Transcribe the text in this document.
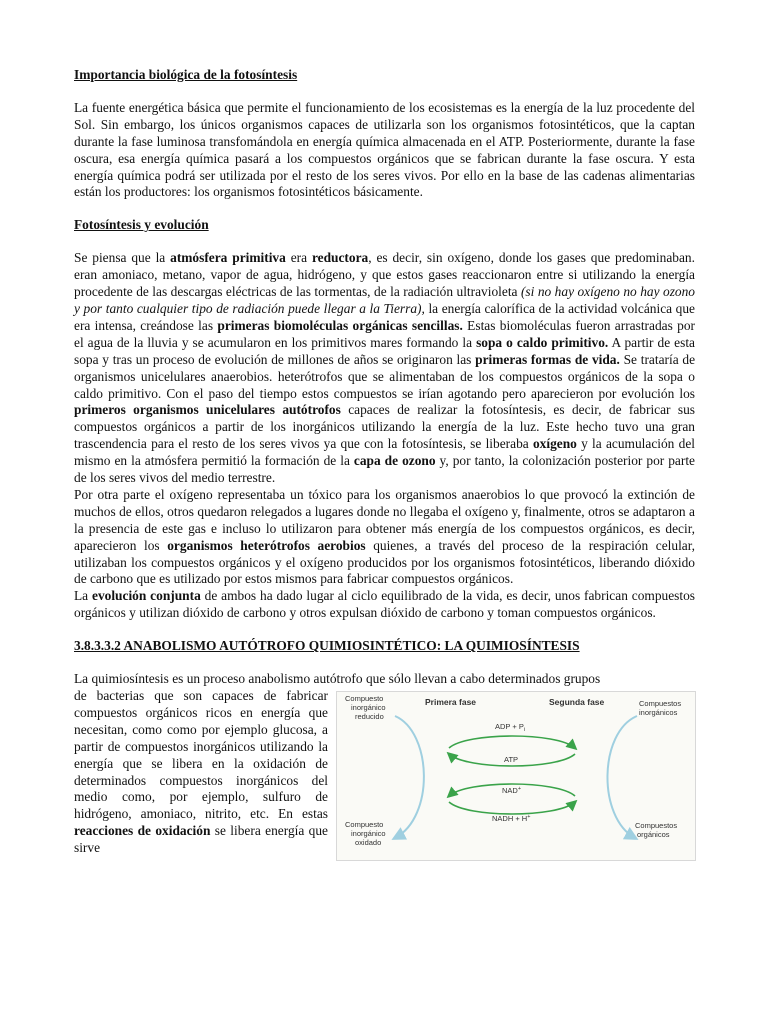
Importancia biológica de la fotosíntesis

La fuente energética básica que permite el funcionamiento de los ecosistemas es la energía de la luz procedente del Sol. Sin embargo, los únicos organismos capaces de utilizarla son los organismos fotosintéticos, que la captan durante la fase luminosa transfomándola en energía química almacenada en el ATP. Posteriormente, durante la fase oscura, esa energía química pasará a los compuestos orgánicos que se fabrican durante la fase oscura. Y esta energía química podrá ser utilizada por el resto de los seres vivos. Por ello en la base de las cadenas alimentarias están los productores: los organismos fotosintéticos básicamente.

Fotosíntesis y evolución

Se piensa que la atmósfera primitiva era reductora, es decir, sin oxígeno, donde los gases que predominaban. eran amoniaco, metano, vapor de agua, hidrógeno, y que estos gases reaccionaron entre si utilizando la energía procedente de las descargas eléctricas de las tormentas, de la radiación ultravioleta (si no hay oxígeno no hay ozono y por tanto cualquier tipo de radiación puede llegar a la Tierra), la energía calorífica de la actividad volcánica que era intensa, creándose las primeras biomoléculas orgánicas sencillas. Estas biomoléculas fueron arrastradas por el agua de la lluvia y se acumularon en los primitivos mares formando la sopa o caldo primitivo. A partir de esta sopa y tras un proceso de evolución de millones de años se originaron las primeras formas de vida. Se trataría de organismos unicelulares anaerobios. heterótrofos que se alimentaban de los compuestos orgánicos de la sopa o caldo primitivo. Con el paso del tiempo estos compuestos se irían agotando pero aparecieron por evolución los primeros organismos unicelulares autótrofos capaces de realizar la fotosíntesis, es decir, de fabricar sus compuestos orgánicos a partir de los inorgánicos utilizando la energía de la luz. Este hecho tuvo una gran trascendencia para el resto de los seres vivos ya que con la fotosíntesis, se liberaba oxígeno y la acumulación del mismo en la atmósfera permitió la formación de la capa de ozono y, por tanto, la colonización posterior por parte de los seres vivos del medio terrestre.

Por otra parte el oxígeno representaba un tóxico para los organismos anaerobios lo que provocó la extinción de muchos de ellos, otros quedaron relegados a lugares donde no llegaba el oxígeno y, finalmente, otros se adaptaron a la presencia de este gas e incluso lo utilizaron para obtener más energía de los compuestos orgánicos, es decir, aparecieron los organismos heterótrofos aerobios quienes, a través del proceso de la respiración celular, utilizaban los compuestos orgánicos y el oxígeno producidos por los organismos fotosintéticos, liberando dióxido de carbono que es utilizado por estos mismos para fabricar compuestos orgánicos.

La evolución conjunta de ambos ha dado lugar al ciclo equilibrado de la vida, es decir, unos fabrican compuestos orgánicos y utilizan dióxido de carbono y otros expulsan dióxido de carbono y toman compuestos orgánicos.

3.8.3.3.2 ANABOLISMO AUTÓTROFO QUIMIOSINTÉTICO: LA QUIMIOSÍNTESIS

La quimiosíntesis es un proceso anabolismo autótrofo que sólo llevan a cabo determinados grupos

Primera fase	Segunda fase
Compuesto inorgánico reducido
Compuesto inorgánico oxidado
Compuestos inorgánicos
Compuestos orgánicos
ADP + $P_i$
ATP
NAD+
NADH + H+

de bacterias que son capaces de fabricar compuestos orgánicos ricos en energía que necesitan, como como por ejemplo glucosa, a partir de compuestos inorgánicos utilizando la energía que se libera en la oxidación de determinados compuestos inorgánicos del medio como, por ejemplo, sulfuro de hidrógeno, amoniaco, nitrito, etc. En estas reacciones de oxidación se libera energía que sirve
